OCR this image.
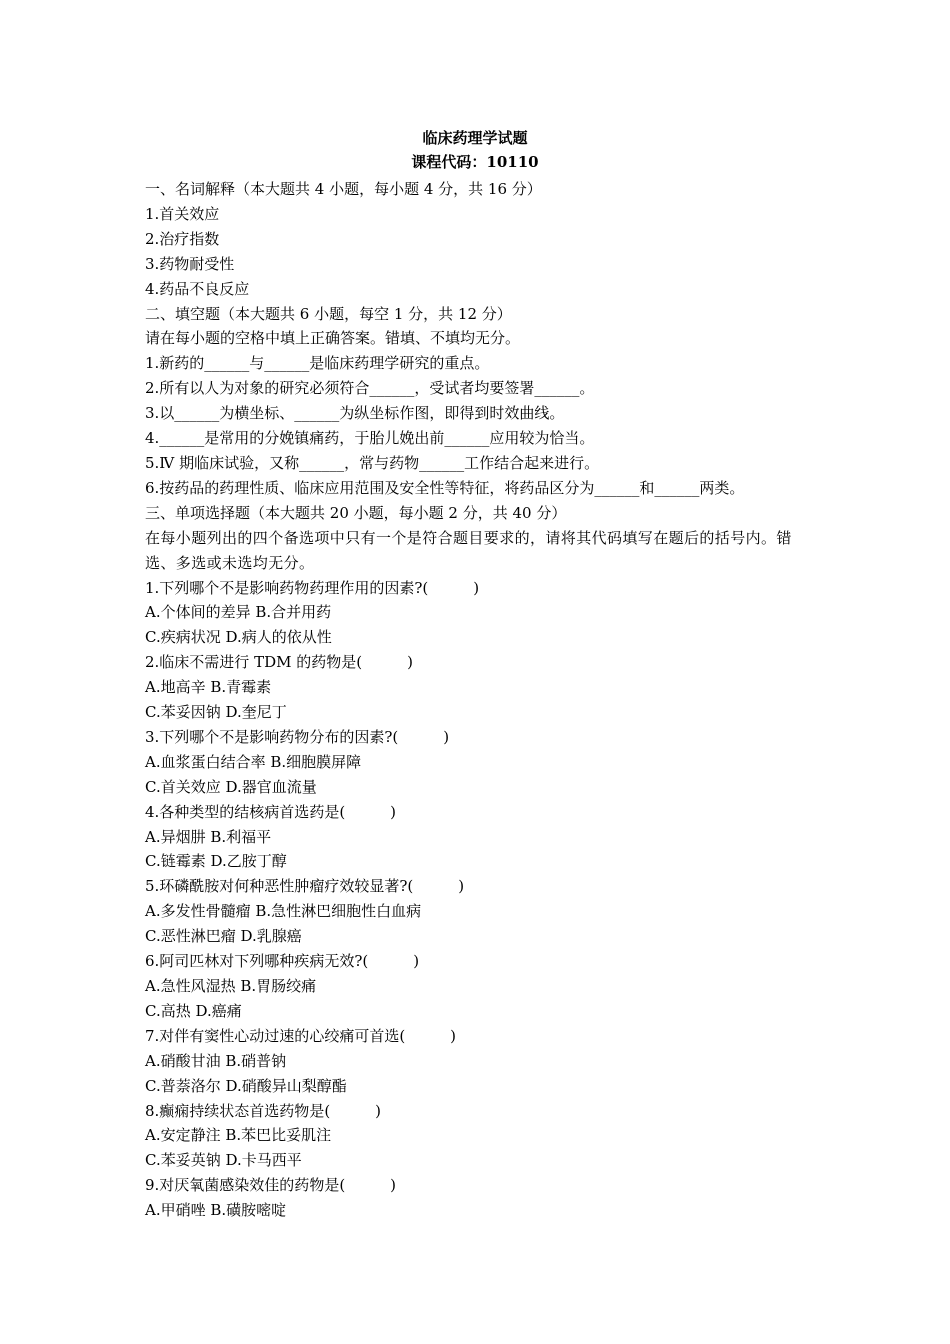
临床药理学试题
课程代码：10110
一、名词解释（本大题共 4 小题，每小题 4 分，共 16 分）
1.首关效应
2.治疗指数
3.药物耐受性
4.药品不良反应
二、填空题（本大题共 6 小题，每空 1 分，共 12 分）
请在每小题的空格中填上正确答案。错填、不填均无分。
1.新药的______与______是临床药理学研究的重点。
2.所有以人为对象的研究必须符合______，受试者均要签署______。
3.以______为横坐标、______为纵坐标作图，即得到时效曲线。
4.______是常用的分娩镇痛药，于胎儿娩出前______应用较为恰当。
5.Ⅳ 期临床试验，又称______，常与药物______工作结合起来进行。
6.按药品的药理性质、临床应用范围及安全性等特征，将药品区分为______和______两类。
三、单项选择题（本大题共 20 小题，每小题 2 分，共 40 分）
在每小题列出的四个备选项中只有一个是符合题目要求的，请将其代码填写在题后的括号内。错选、多选或未选均无分。
1.下列哪个不是影响药物药理作用的因素?(　　　)
A.个体间的差异 B.合并用药
C.疾病状况 D.病人的依从性
2.临床不需进行 TDM 的药物是(　　　)
A.地高辛 B.青霉素
C.苯妥因钠 D.奎尼丁
3.下列哪个不是影响药物分布的因素?(　　　)
A.血浆蛋白结合率 B.细胞膜屏障
C.首关效应 D.器官血流量
4.各种类型的结核病首选药是(　　　)
A.异烟肼 B.利福平
C.链霉素 D.乙胺丁醇
5.环磷酰胺对何种恶性肿瘤疗效较显著?(　　　)
A.多发性骨髓瘤 B.急性淋巴细胞性白血病
C.恶性淋巴瘤 D.乳腺癌
6.阿司匹林对下列哪种疾病无效?(　　　)
A.急性风湿热 B.胃肠绞痛
C.高热 D.癌痛
7.对伴有窦性心动过速的心绞痛可首选(　　　)
A.硝酸甘油 B.硝普钠
C.普萘洛尔 D.硝酸异山梨醇酯
8.癫痫持续状态首选药物是(　　　)
A.安定静注 B.苯巴比妥肌注
C.苯妥英钠 D.卡马西平
9.对厌氧菌感染效佳的药物是(　　　)
A.甲硝唑 B.磺胺嘧啶
